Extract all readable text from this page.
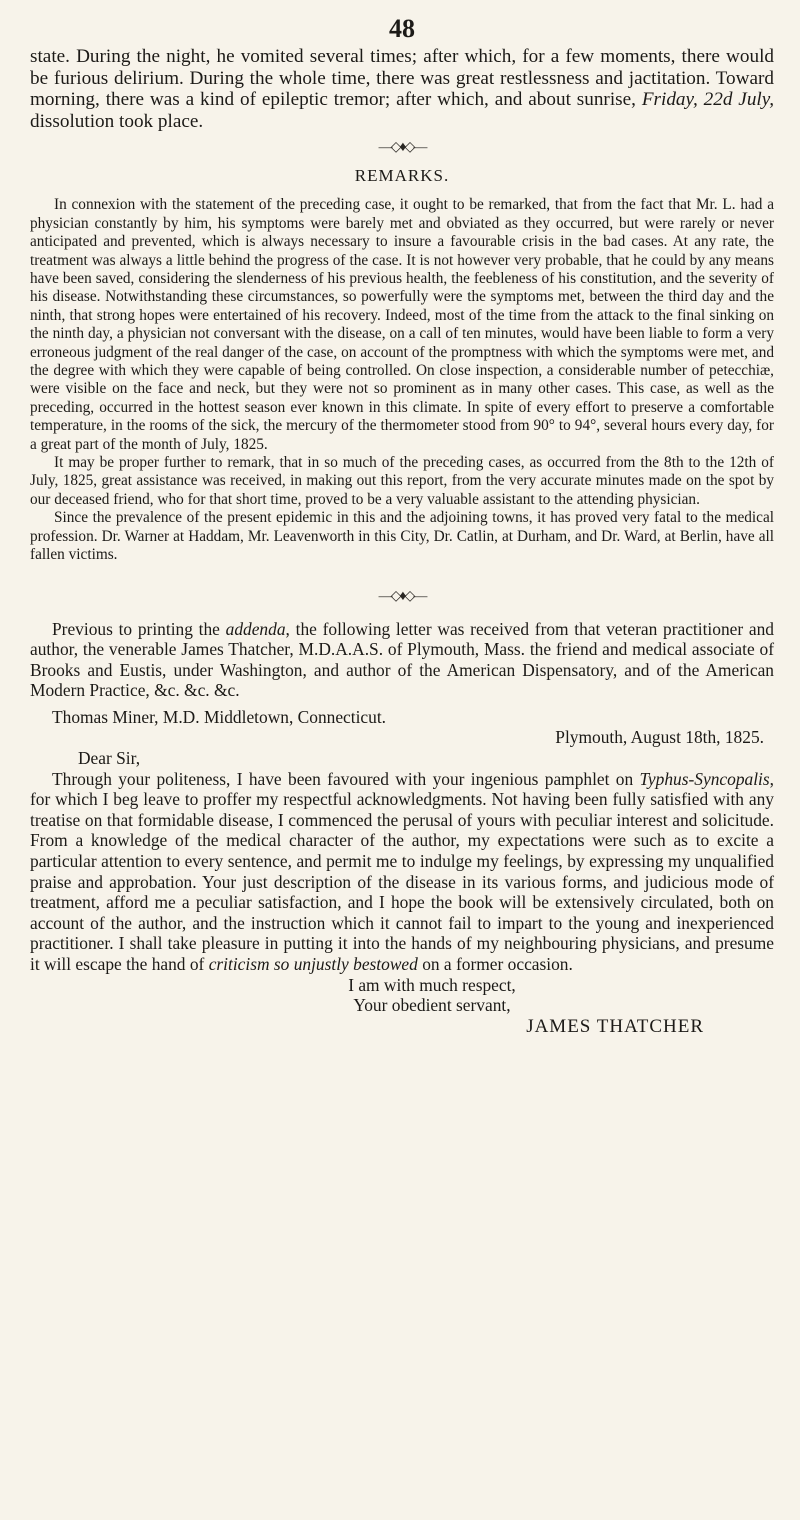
48

state. During the night, he vomited several times; after which, for a few moments, there would be furious delirium. During the whole time, there was great restlessness and jactitation. Toward morning, there was a kind of epileptic tremor; after which, and about sunrise, Friday, 22d July, dissolution took place.

—◇♦◇—
REMARKS.

In connexion with the statement of the preceding case, it ought to be remarked, that from the fact that Mr. L. had a physician constantly by him, his symptoms were barely met and obviated as they occurred, but were rarely or never anticipated and prevented, which is always necessary to insure a favourable crisis in the bad cases. At any rate, the treatment was always a little behind the progress of the case. It is not however very probable, that he could by any means have been saved, considering the slenderness of his previous health, the feebleness of his constitution, and the severity of his disease. Notwithstanding these circumstances, so powerfully were the symptoms met, between the third day and the ninth, that strong hopes were entertained of his recovery. Indeed, most of the time from the attack to the final sinking on the ninth day, a physician not conversant with the disease, on a call of ten minutes, would have been liable to form a very erroneous judgment of the real danger of the case, on account of the promptness with which the symptoms were met, and the degree with which they were capable of being controlled. On close inspection, a considerable number of petecchiæ, were visible on the face and neck, but they were not so prominent as in many other cases. This case, as well as the preceding, occurred in the hottest season ever known in this climate. In spite of every effort to preserve a comfortable temperature, in the rooms of the sick, the mercury of the thermometer stood from 90° to 94°, several hours every day, for a great part of the month of July, 1825.

It may be proper further to remark, that in so much of the preceding cases, as occurred from the 8th to the 12th of July, 1825, great assistance was received, in making out this report, from the very accurate minutes made on the spot by our deceased friend, who for that short time, proved to be a very valuable assistant to the attending physician.

Since the prevalence of the present epidemic in this and the adjoining towns, it has proved very fatal to the medical profession. Dr. Warner at Haddam, Mr. Leavenworth in this City, Dr. Catlin, at Durham, and Dr. Ward, at Berlin, have all fallen victims.

—◇♦◇—

Previous to printing the addenda, the following letter was received from that veteran practitioner and author, the venerable James Thatcher, M.D.A.A.S. of Plymouth, Mass. the friend and medical associate of Brooks and Eustis, under Washington, and author of the American Dispensatory, and of the American Modern Practice, &c. &c. &c.

Thomas Miner, M.D. Middletown, Connecticut.

Plymouth, August 18th, 1825.

Dear Sir,

Through your politeness, I have been favoured with your ingenious pamphlet on Typhus-Syncopalis, for which I beg leave to proffer my respectful acknowledgments. Not having been fully satisfied with any treatise on that formidable disease, I commenced the perusal of yours with peculiar interest and solicitude. From a knowledge of the medical character of the author, my expectations were such as to excite a particular attention to every sentence, and permit me to indulge my feelings, by expressing my unqualified praise and approbation. Your just description of the disease in its various forms, and judicious mode of treatment, afford me a peculiar satisfaction, and I hope the book will be extensively circulated, both on account of the author, and the instruction which it cannot fail to impart to the young and inexperienced practitioner. I shall take pleasure in putting it into the hands of my neighbouring physicians, and presume it will escape the hand of criticism so unjustly bestowed on a former occasion.

I am with much respect,

Your obedient servant,

JAMES THATCHER
